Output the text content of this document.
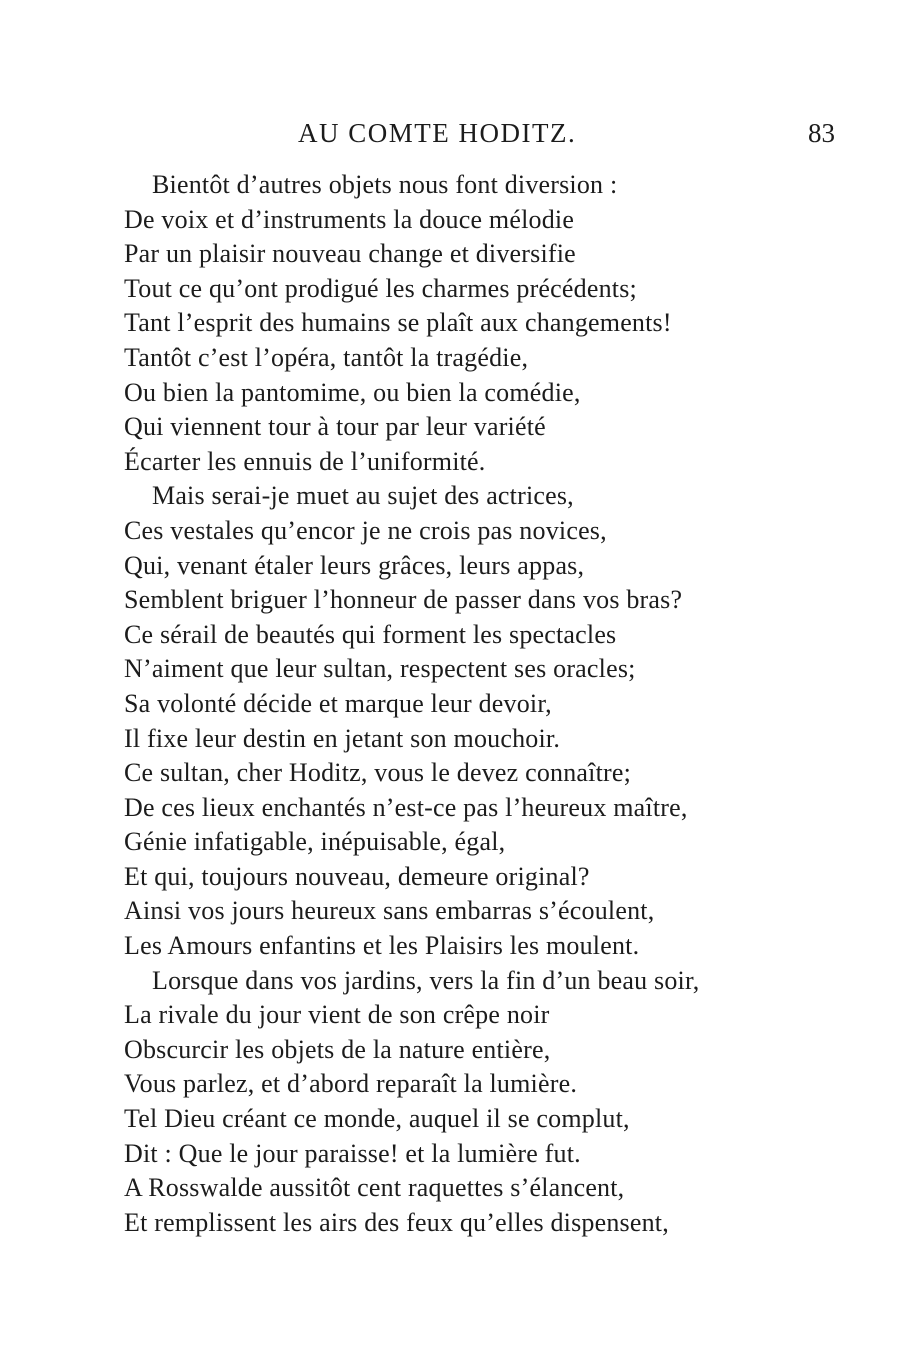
AU COMTE HODITZ.	83
Bientôt d’autres objets nous font diversion :
De voix et d’instruments la douce mélodie
Par un plaisir nouveau change et diversifie
Tout ce qu’ont prodigué les charmes précédents;
Tant l’esprit des humains se plaît aux changements!
Tantôt c’est l’opéra, tantôt la tragédie,
Ou bien la pantomime, ou bien la comédie,
Qui viennent tour à tour par leur variété
Écarter les ennuis de l’uniformité.
Mais serai-je muet au sujet des actrices,
Ces vestales qu’encor je ne crois pas novices,
Qui, venant étaler leurs grâces, leurs appas,
Semblent briguer l’honneur de passer dans vos bras?
Ce sérail de beautés qui forment les spectacles
N’aiment que leur sultan, respectent ses oracles;
Sa volonté décide et marque leur devoir,
Il fixe leur destin en jetant son mouchoir.
Ce sultan, cher Hoditz, vous le devez connaître;
De ces lieux enchantés n’est-ce pas l’heureux maître,
Génie infatigable, inépuisable, égal,
Et qui, toujours nouveau, demeure original?
Ainsi vos jours heureux sans embarras s’écoulent,
Les Amours enfantins et les Plaisirs les moulent.
Lorsque dans vos jardins, vers la fin d’un beau soir,
La rivale du jour vient de son crêpe noir
Obscurcir les objets de la nature entière,
Vous parlez, et d’abord reparaît la lumière.
Tel Dieu créant ce monde, auquel il se complut,
Dit : Que le jour paraisse! et la lumière fut.
A Rosswalde aussitôt cent raquettes s’élancent,
Et remplissent les airs des feux qu’elles dispensent,
